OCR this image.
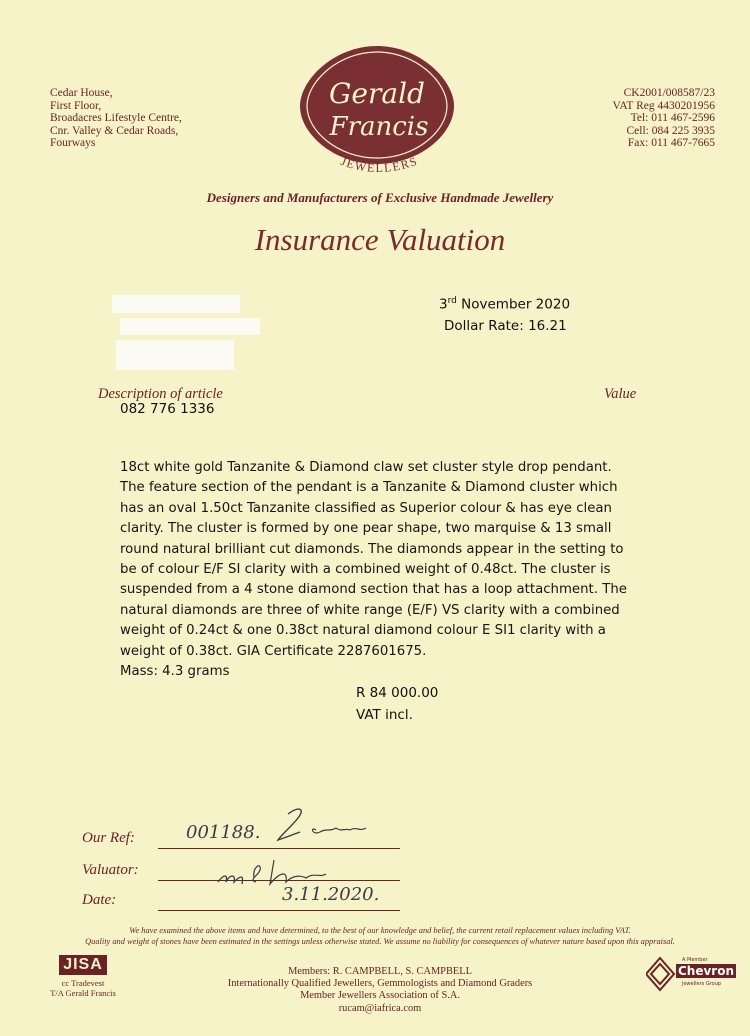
Cedar House,
First Floor,
Broadacres Lifestyle Centre,
Cnr. Valley & Cedar Roads,
Fourways
CK2001/008587/23
VAT Reg 4430201956
Tel: 011 467-2596
Cell: 084 225 3935
Fax: 011 467-7665
Gerald
Francis
JEWELLERS
Designers and Manufacturers of Exclusive Handmade Jewellery
Insurance Valuation
3rd November 2020
Dollar Rate: 16.21
Description of article	Value
082 776 1336
18ct white gold Tanzanite & Diamond claw set cluster style drop pendant.
The feature section of the pendant is a Tanzanite & Diamond cluster which
has an oval 1.50ct Tanzanite classified as Superior colour & has eye clean
clarity. The cluster is formed by one pear shape, two marquise & 13 small
round natural brilliant cut diamonds. The diamonds appear in the setting to
be of colour E/F SI clarity with a combined weight of 0.48ct. The cluster is
suspended from a 4 stone diamond section that has a loop attachment. The
natural diamonds are three of white range (E/F) VS clarity with a combined
weight of 0.24ct & one 0.38ct natural diamond colour E SI1 clarity with a
weight of 0.38ct. GIA Certificate 2287601675.
Mass: 4.3 grams
R 84 000.00
VAT incl.
Our Ref:	001188.
Valuator:
Date:	3.11.2020.
We have examined the above items and have determined, to the best of our knowledge and belief, the current retail replacement values including VAT.
Quality and weight of stones have been estimated in the settings unless otherwise stated. We assume no liability for consequences of whatever nature based upon this appraisal.
JISA
cc Tradevest
T/A Gerald Francis
Members: R. CAMPBELL, S. CAMPBELL
Internationally Qualified Jewellers, Gemmologists and Diamond Graders
Member Jewellers Association of S.A.
rucam@iafrica.com
A Member
Chevron
Jewellers Group
